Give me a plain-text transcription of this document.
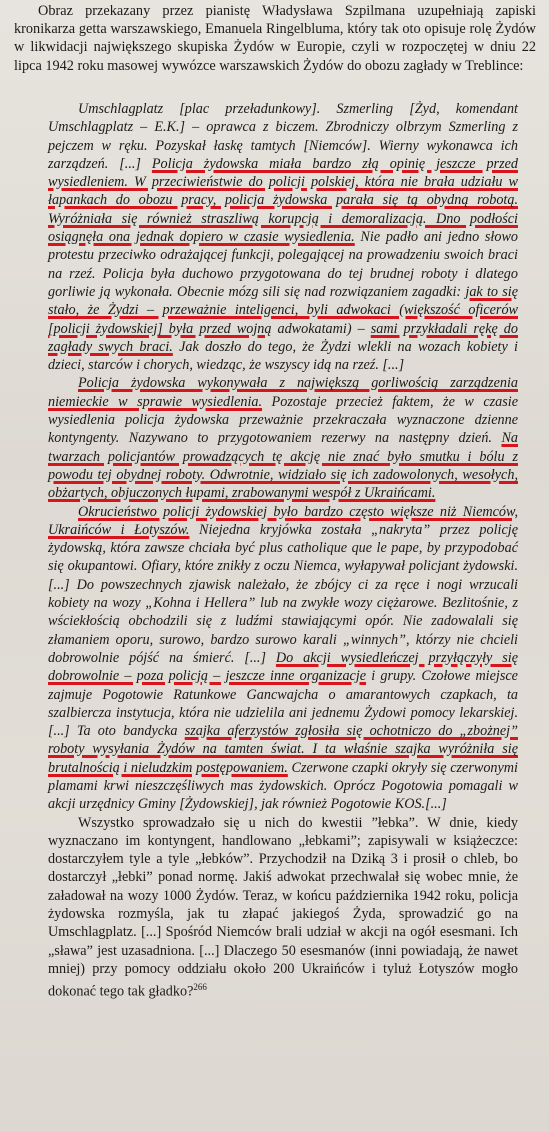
Obraz przekazany przez pianistę Władysława Szpilmana uzupełniają zapiski kronikarza getta warszawskiego, Emanuela Ringelbluma, który tak oto opisuje rolę Żydów w likwidacji największego skupiska Żydów w Europie, czyli w rozpoczętej w dniu 22 lipca 1942 roku masowej wywózce warszawskich Żydów do obozu zagłady w Treblince:

Umschlagplatz [plac przeładunkowy]. Szmerling [Żyd, komendant Umschlagplatz – E.K.] – oprawca z biczem. Zbrodniczy olbrzym Szmerling z pejczem w ręku. Pozyskał łaskę tamtych [Niemców]. Wierny wykonawca ich zarządzeń. [...] Policja żydowska miała bardzo złą opinię jeszcze przed wysiedleniem. W przeciwieństwie do policji polskiej, która nie brała udziału w łapankach do obozu pracy, policja żydowska parała się tą obydną robotą. Wyróżniała się również straszliwą korupcją i demoralizacją. Dno podłości osiągnęła ona jednak dopiero w czasie wysiedlenia. Nie padło ani jedno słowo protestu przeciwko odrażającej funkcji, polegającej na prowadzeniu swoich braci na rzeź. Policja była duchowo przygotowana do tej brudnej roboty i dlatego gorliwie ją wykonała. Obecnie mózg sili się nad rozwiązaniem zagadki: jak to się stało, że Żydzi – przeważnie inteligenci, byli adwokaci (większość oficerów [policji żydowskiej] była przed wojną adwokatami) – sami przykładali rękę do zagłady swych braci. Jak doszło do tego, że Żydzi wlekli na wozach kobiety i dzieci, starców i chorych, wiedząc, że wszyscy idą na rzeź. [...]

Policja żydowska wykonywała z największą gorliwością zarządzenia niemieckie w sprawie wysiedlenia. Pozostaje przecież faktem, że w czasie wysiedlenia policja żydowska przeważnie przekraczała wyznaczone dzienne kontyngenty. Nazywano to przygotowaniem rezerwy na następny dzień. Na twarzach policjantów prowadzących tę akcję nie znać było smutku i bólu z powodu tej obydnej roboty. Odwrotnie, widziało się ich zadowolonych, wesołych, obżartych, objuczonych łupami, zrabowanymi wespół z Ukraińcami.

Okrucieństwo policji żydowskiej było bardzo często większe niż Niemców, Ukraińców i Łotyszów. Niejedna kryjówka została „nakryta” przez policję żydowską, która zawsze chciała być plus catholique que le pape, by przypodobać się okupantowi. Ofiary, które znikły z oczu Niemca, wyłapywał policjant żydowski. [...] Do powszechnych zjawisk należało, że zbójcy ci za ręce i nogi wrzucali kobiety na wozy „Kohna i Hellera” lub na zwykłe wozy ciężarowe. Bezlitośnie, z wściekłością obchodzili się z ludźmi stawiającymi opór. Nie zadowalali się złamaniem oporu, surowo, bardzo surowo karali „winnych”, którzy nie chcieli dobrowolnie pójść na śmierć. [...] Do akcji wysiedleńczej przyłączyły się dobrowolnie – poza policją – jeszcze inne organizacje i grupy. Czołowe miejsce zajmuje Pogotowie Ratunkowe Gancwajcha o amarantowych czapkach, ta szalbiercza instytucja, która nie udzielila ani jednemu Żydowi pomocy lekarskiej. [...] Ta oto bandycka szajka aferzystów zgłosiła się ochotniczo do „zbożnej” roboty wysyłania Żydów na tamten świat. I ta właśnie szajka wyróżniła się brutalnością i nieludzkim postępowaniem. Czerwone czapki okryły się czerwonymi plamami krwi nieszczęśliwych mas żydowskich. Oprócz Pogotowia pomagali w akcji urzędnicy Gminy [Żydowskiej], jak również Pogotowie KOS.[...]

Wszystko sprowadzało się u nich do kwestii ”łebka”. W dnie, kiedy wyznaczano im kontyngent, handlowano „łebkami”; zapisywali w książeczce: dostarczyłem tyle a tyle „łebków”. Przychodził na Dziką 3 i prosił o chleb, bo dostarczył „łebki” ponad normę. Jakiś adwokat przechwalał się wobec mnie, że załadował na wozy 1000 Żydów. Teraz, w końcu października 1942 roku, policja żydowska rozmyśla, jak tu złapać jakiegoś Żyda, sprowadzić go na Umschlagplatz. [...] Spośród Niemców brali udział w akcji na ogół esesmani. Ich „sława” jest uzasadniona. [...] Dlaczego 50 esesmanów (inni powiadają, że nawet mniej) przy pomocy oddziału około 200 Ukraińców i tyluż Łotyszów mogło dokonać tego tak gładko?$^{266}$
